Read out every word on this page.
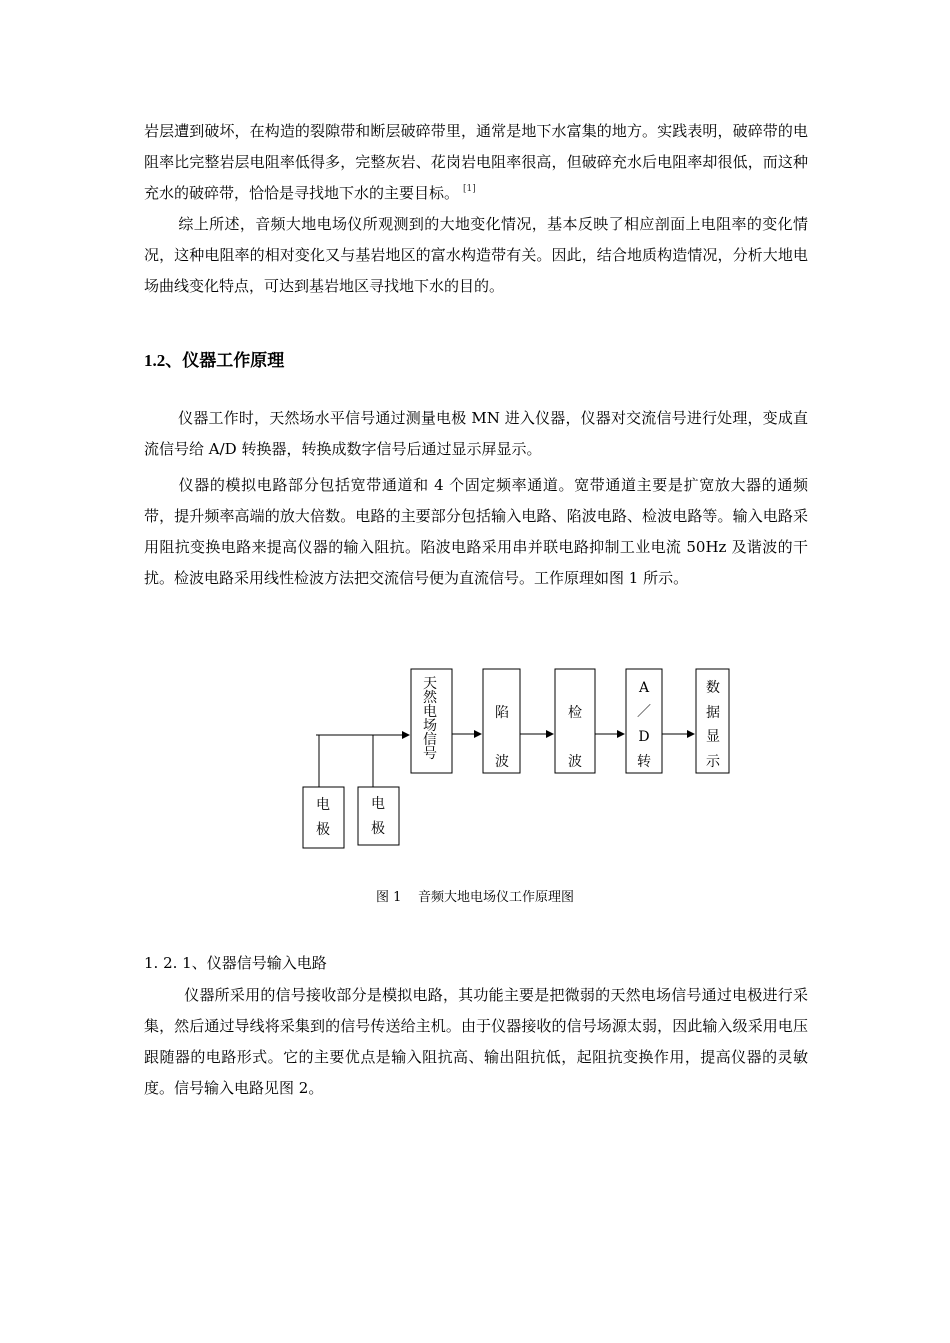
岩层遭到破坏，在构造的裂隙带和断层破碎带里，通常是地下水富集的地方。实践表明，破碎带的电阻率比完整岩层电阻率低得多，完整灰岩、花岗岩电阻率很高，但破碎充水后电阻率却很低，而这种充水的破碎带，恰恰是寻找地下水的主要目标。 [1]

综上所述，音频大地电场仪所观测到的大地变化情况，基本反映了相应剖面上电阻率的变化情况，这种电阻率的相对变化又与基岩地区的富水构造带有关。因此，结合地质构造情况，分析大地电场曲线变化特点，可达到基岩地区寻找地下水的目的。

1.2、仪器工作原理

仪器工作时，天然场水平信号通过测量电极 MN 进入仪器，仪器对交流信号进行处理，变成直流信号给 A/D 转换器，转换成数字信号后通过显示屏显示。

仪器的模拟电路部分包括宽带通道和 4 个固定频率通道。宽带通道主要是扩宽放大器的通频带，提升频率高端的放大倍数。电路的主要部分包括输入电路、陷波电路、检波电路等。输入电路采用阻抗变换电路来提高仪器的输入阻抗。陷波电路采用串并联电路抑制工业电流 50Hz 及谐波的干扰。检波电路采用线性检波方法把交流信号便为直流信号。工作原理如图 1 所示。

天
然
电
场
信
号
陷
波
检
波
A
／
D
转
数
据
显
示
电
极
电
极

图 1    音频大地电场仪工作原理图

1. 2. 1、仪器信号输入电路

仪器所采用的信号接收部分是模拟电路，其功能主要是把微弱的天然电场信号通过电极进行采集，然后通过导线将采集到的信号传送给主机。由于仪器接收的信号场源太弱，因此输入级采用电压跟随器的电路形式。它的主要优点是输入阻抗高、输出阻抗低，起阻抗变换作用，提高仪器的灵敏度。信号输入电路见图 2。
